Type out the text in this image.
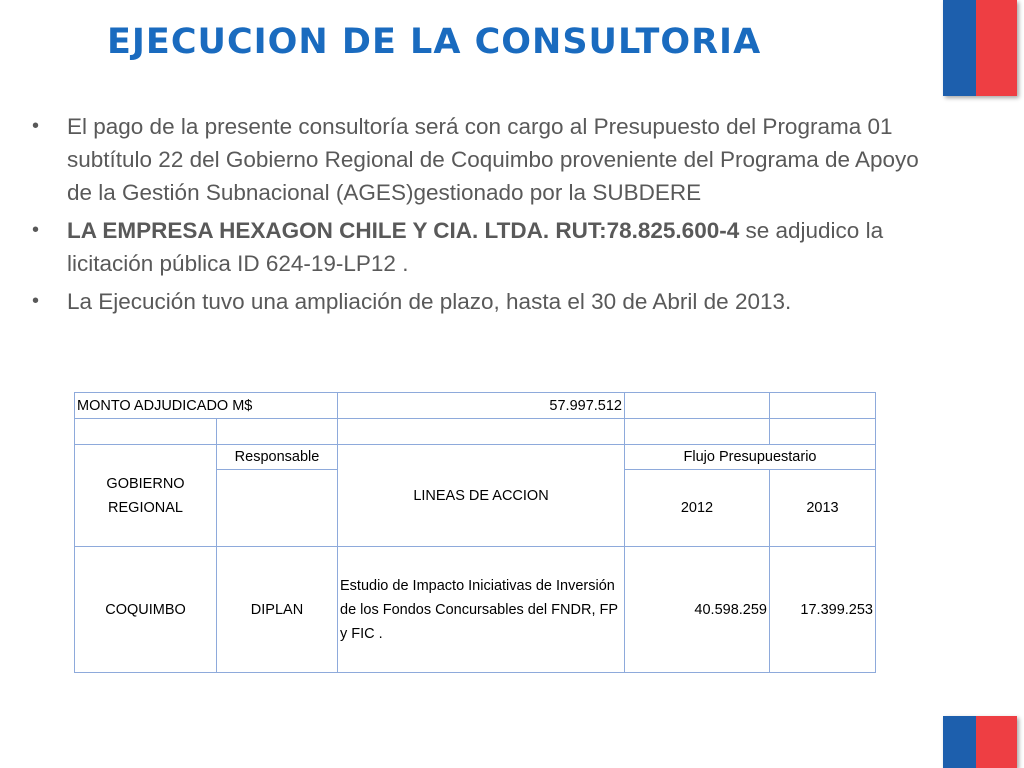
EJECUCION DE LA CONSULTORIA
•	El pago de la presente consultoría será con cargo al Presupuesto del Programa 01 subtítulo 22 del Gobierno Regional de Coquimbo proveniente del Programa de Apoyo de la Gestión Subnacional (AGES)gestionado por la SUBDERE
•	LA EMPRESA HEXAGON CHILE Y CIA. LTDA. RUT:78.825.600-4 se adjudico la licitación pública ID 624-19-LP12 .
•	La Ejecución tuvo una ampliación de plazo, hasta el 30 de Abril de 2013.
MONTO ADJUDICADO M$		57.997.512		

GOBIERNO REGIONAL	Responsable	LINEAS DE ACCION	Flujo Presupuestario	
			2012	2013
COQUIMBO	DIPLAN	Estudio de Impacto Iniciativas de Inversión de los Fondos Concursables del FNDR, FP y FIC .	40.598.259	17.399.253
